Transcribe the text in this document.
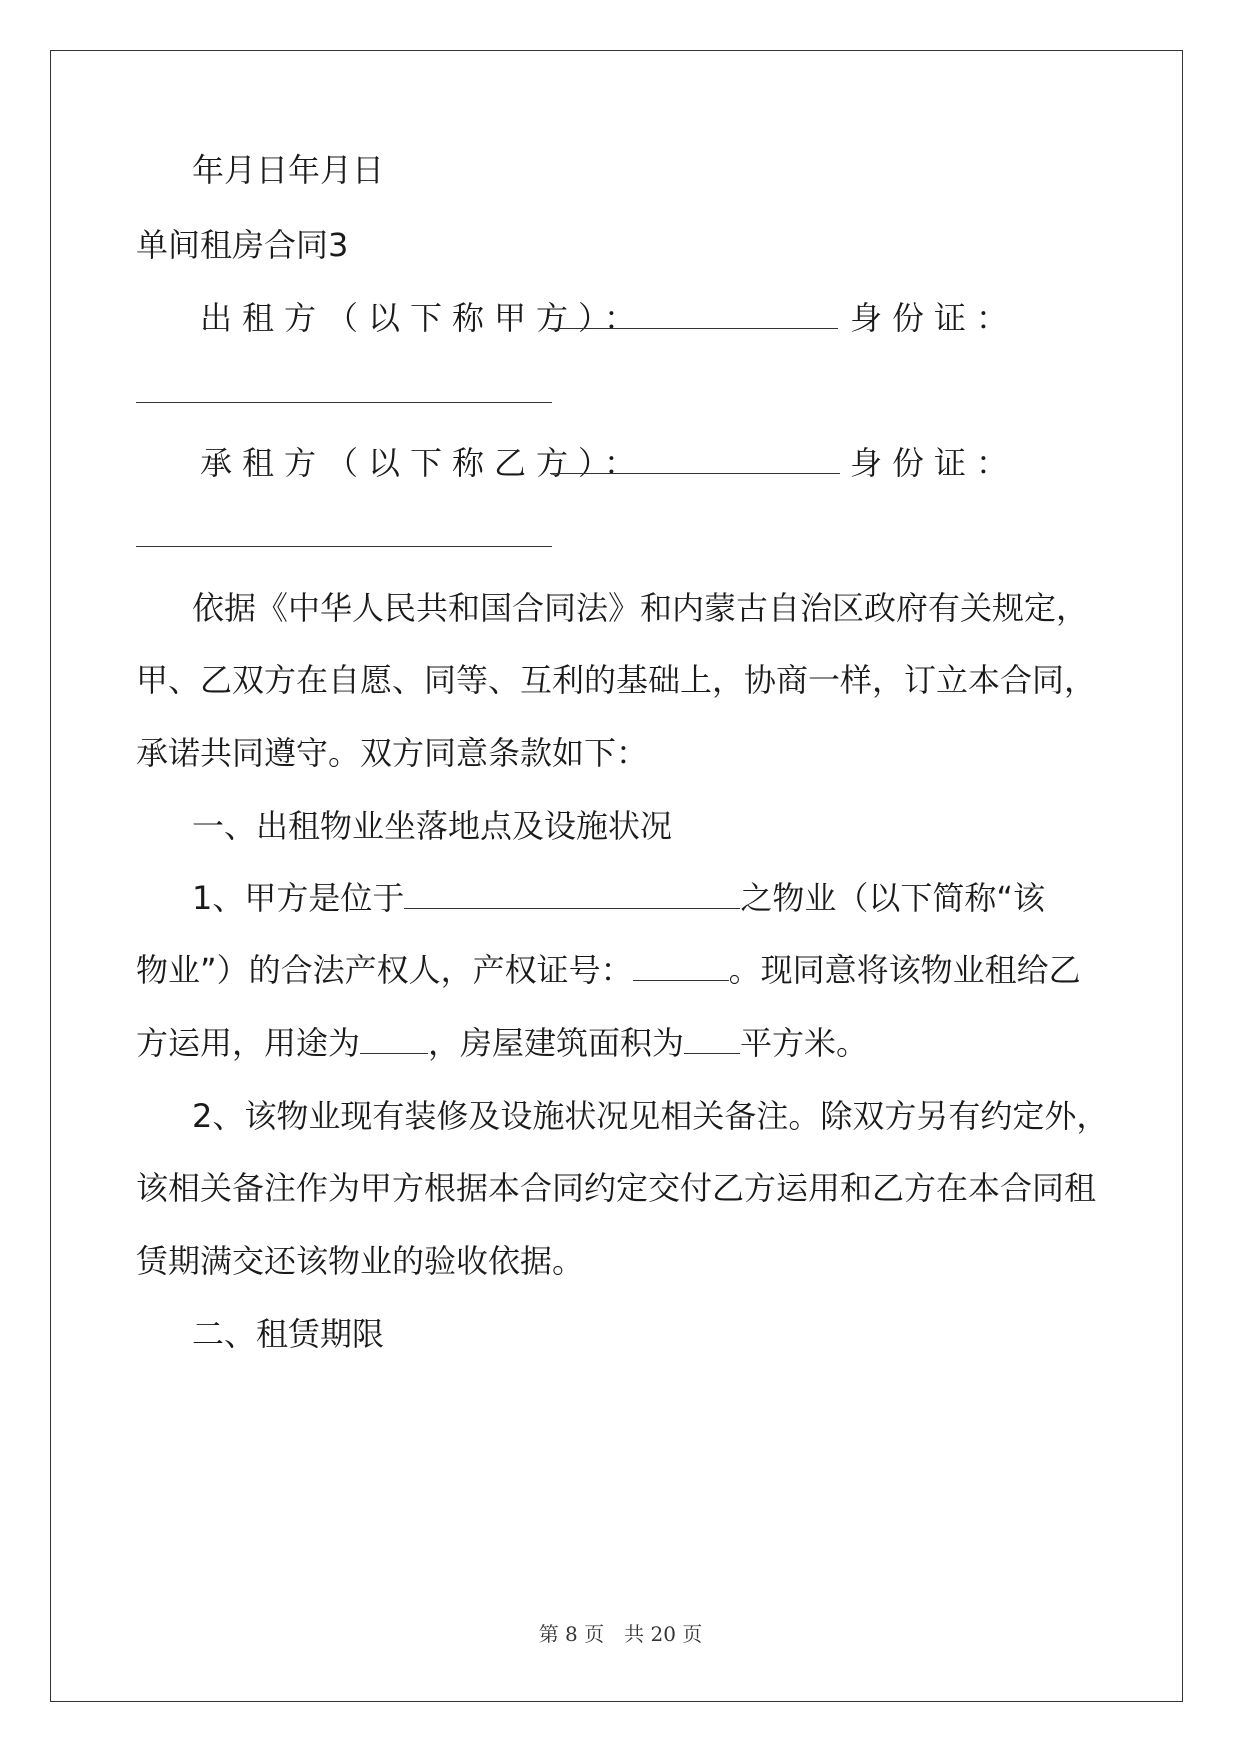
年月日年月日
单间租房合同3
出租方（以下称甲方）：	身份证：
承租方（以下称乙方）：	身份证：
依据《中华人民共和国合同法》和内蒙古自治区政府有关规定，
甲、乙双方在自愿、同等、互利的基础上，协商一样，订立本合同，
承诺共同遵守。双方同意条款如下：
一、出租物业坐落地点及设施状况
1、甲方是位于	之物业（以下简称“该
物业”）的合法产权人，产权证号：	。现同意将该物业租给乙
方运用，用途为 ，房屋建筑面积为 平方米。
2、该物业现有装修及设施状况见相关备注。除双方另有约定外，
该相关备注作为甲方根据本合同约定交付乙方运用和乙方在本合同租
赁期满交还该物业的验收依据。
二、租赁期限
第 8 页　共 20 页
